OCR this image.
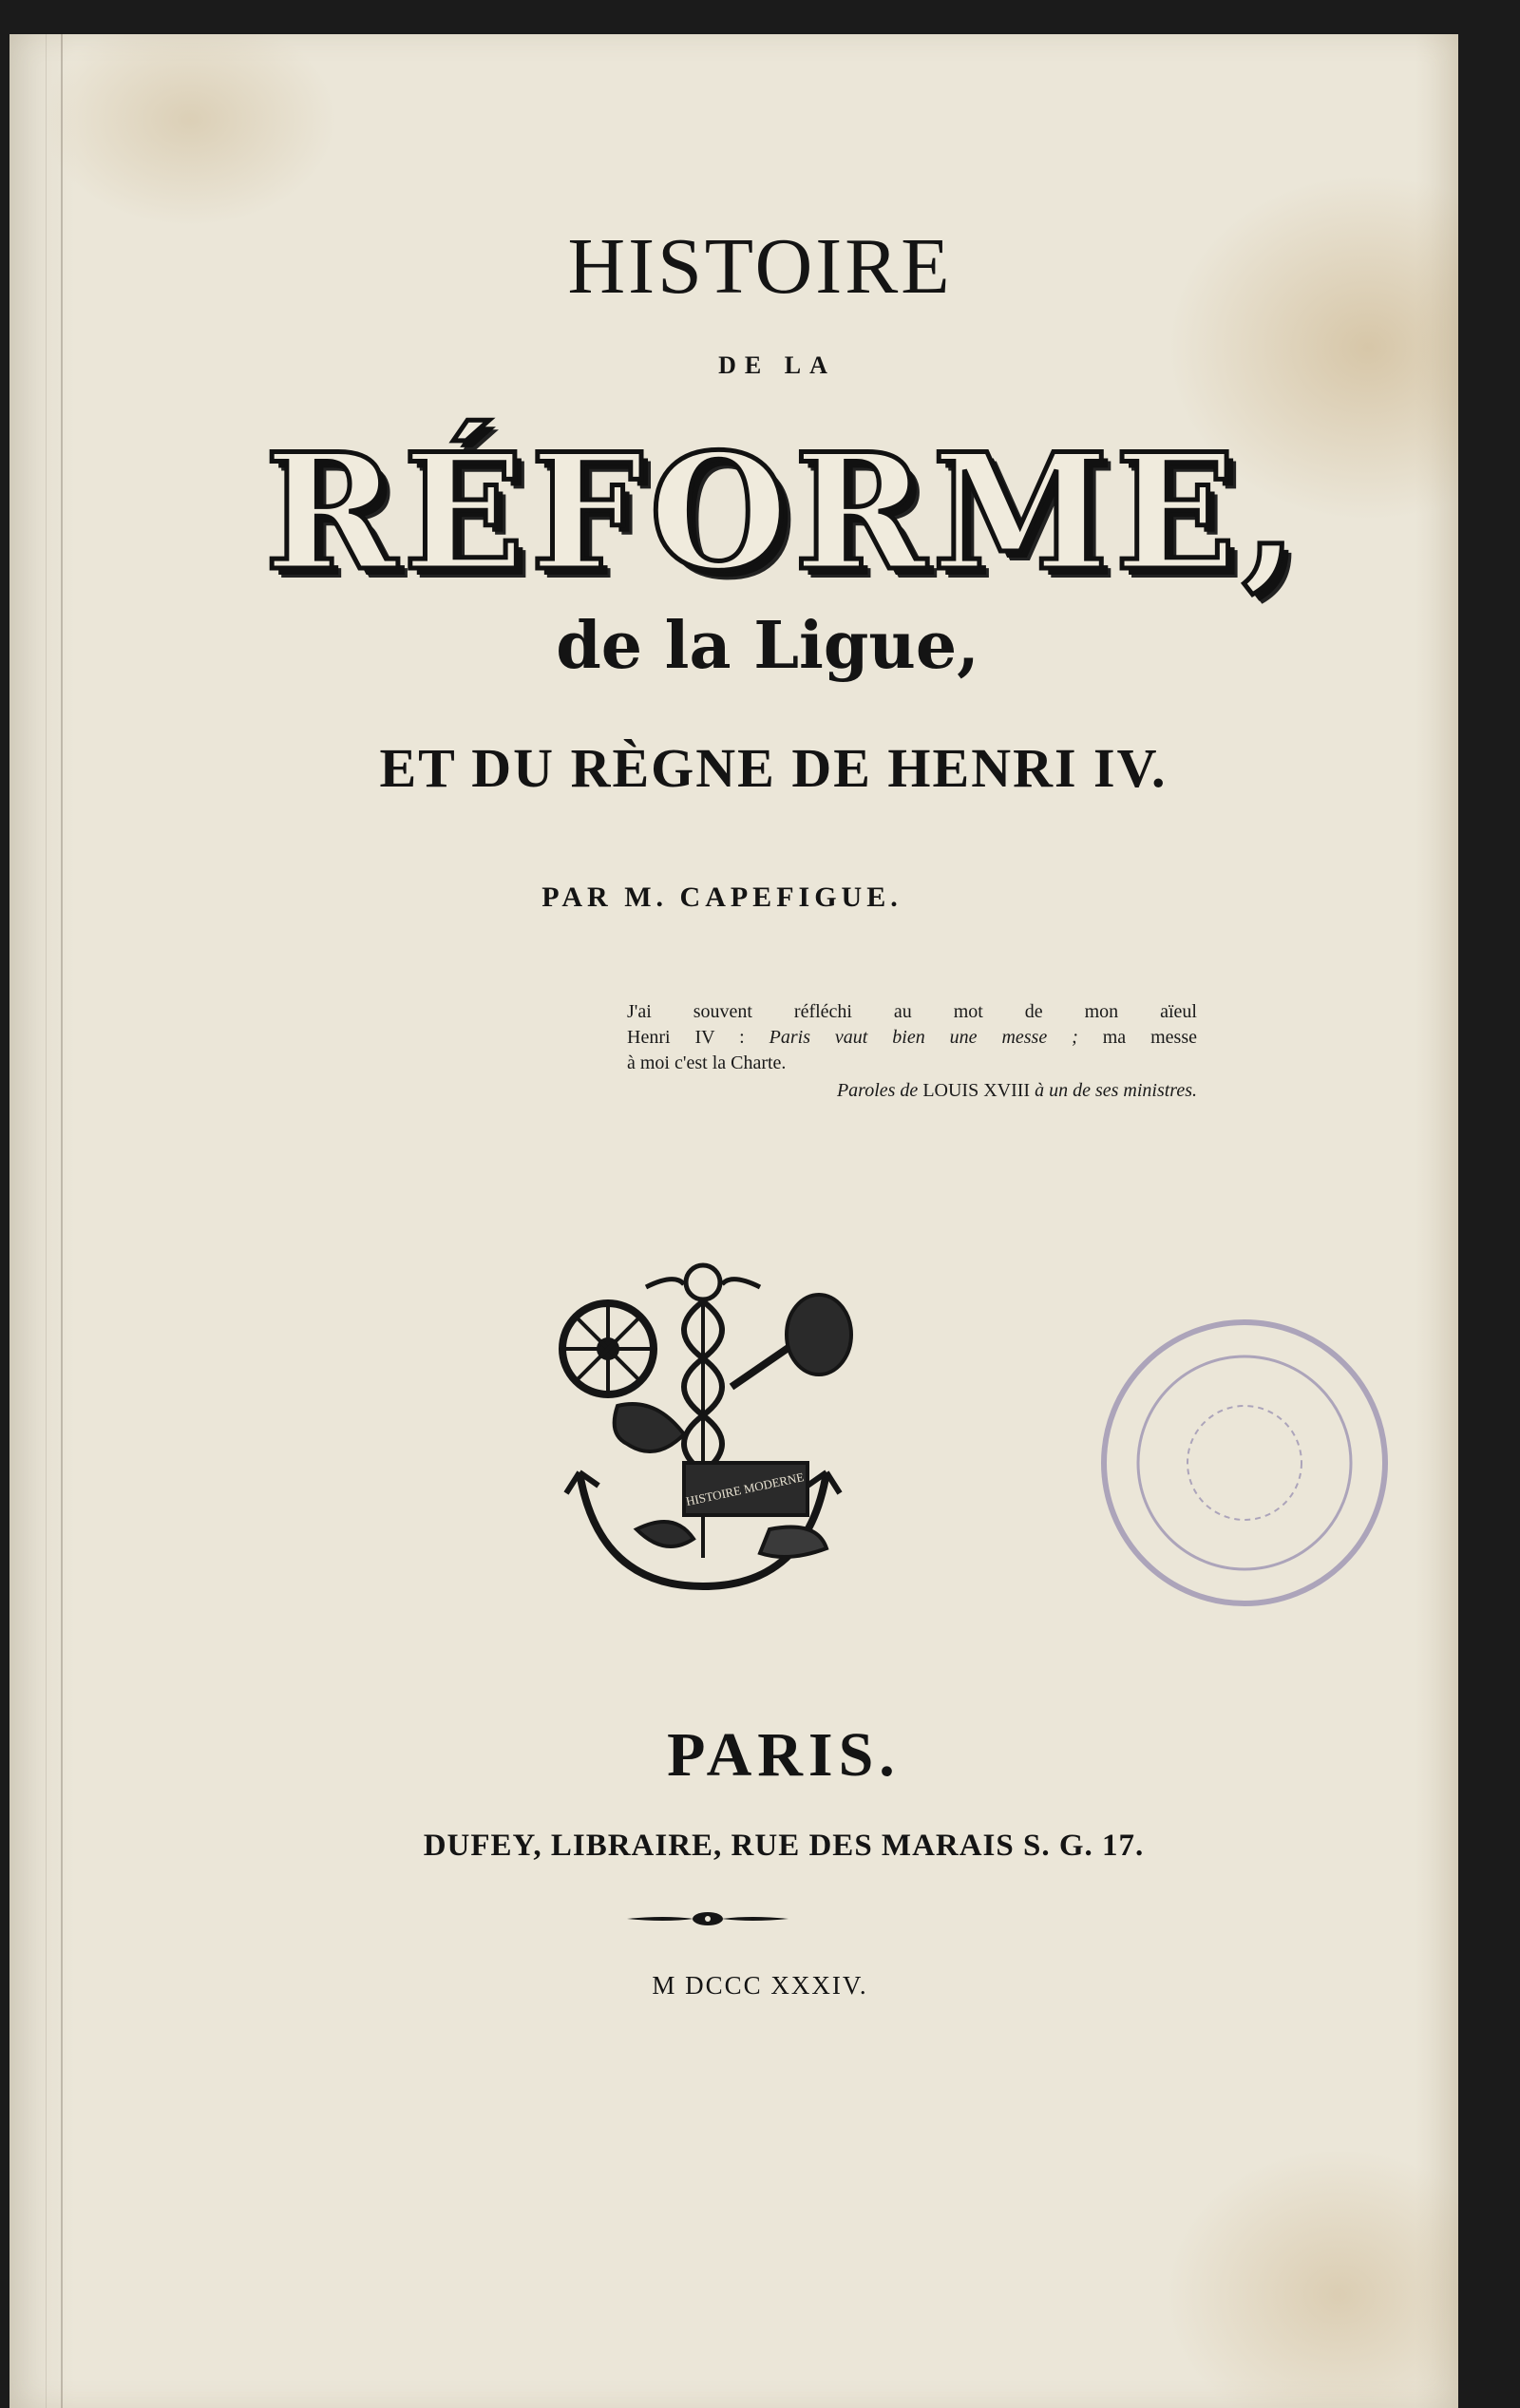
HISTOIRE
DE LA
RÉFORME,
de la Ligue,
ET DU RÈGNE DE HENRI IV.
PAR M. CAPEFIGUE.
J'ai souvent réfléchi au mot de mon aïeul
Henri IV : Paris vaut bien une messe ; ma messe
à moi c'est la Charte.
Paroles de LOUIS XVIII à un de ses ministres.
HISTOIRE MODERNE
PARIS.
DUFEY, LIBRAIRE, RUE DES MARAIS S. G. 17.
M DCCC XXXIV.
